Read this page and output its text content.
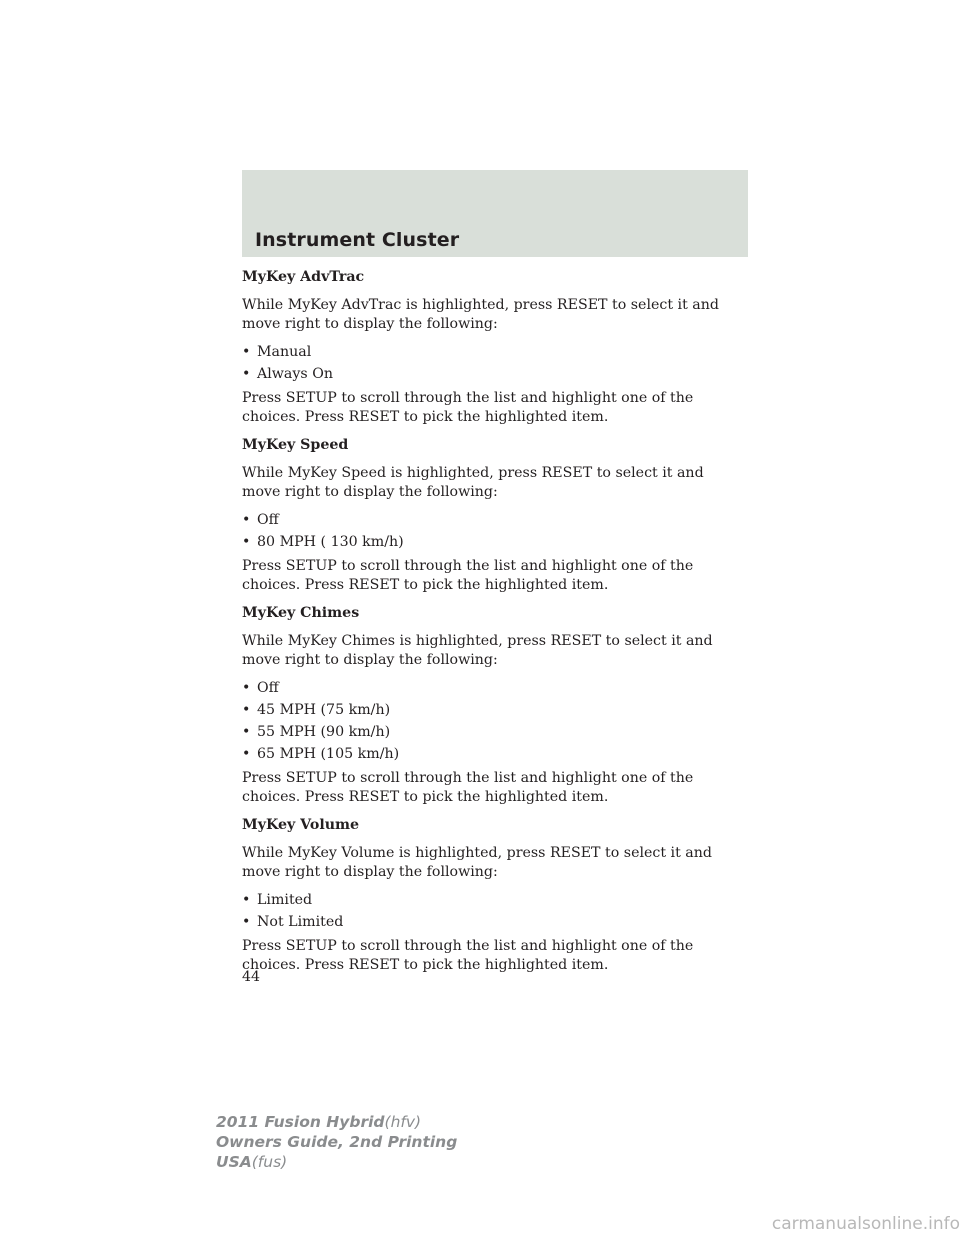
Instrument Cluster
MyKey AdvTrac
While MyKey AdvTrac is highlighted, press RESET to select it and move right to display the following:
• Manual
• Always On
Press SETUP to scroll through the list and highlight one of the choices. Press RESET to pick the highlighted item.
MyKey Speed
While MyKey Speed is highlighted, press RESET to select it and move right to display the following:
• Off
• 80 MPH ( 130 km/h)
Press SETUP to scroll through the list and highlight one of the choices. Press RESET to pick the highlighted item.
MyKey Chimes
While MyKey Chimes is highlighted, press RESET to select it and move right to display the following:
• Off
• 45 MPH (75 km/h)
• 55 MPH (90 km/h)
• 65 MPH (105 km/h)
Press SETUP to scroll through the list and highlight one of the choices. Press RESET to pick the highlighted item.
MyKey Volume
While MyKey Volume is highlighted, press RESET to select it and move right to display the following:
• Limited
• Not Limited
Press SETUP to scroll through the list and highlight one of the choices. Press RESET to pick the highlighted item.
44
2011 Fusion Hybrid(hfv)
Owners Guide, 2nd Printing
USA(fus)
carmanualsonline.info
